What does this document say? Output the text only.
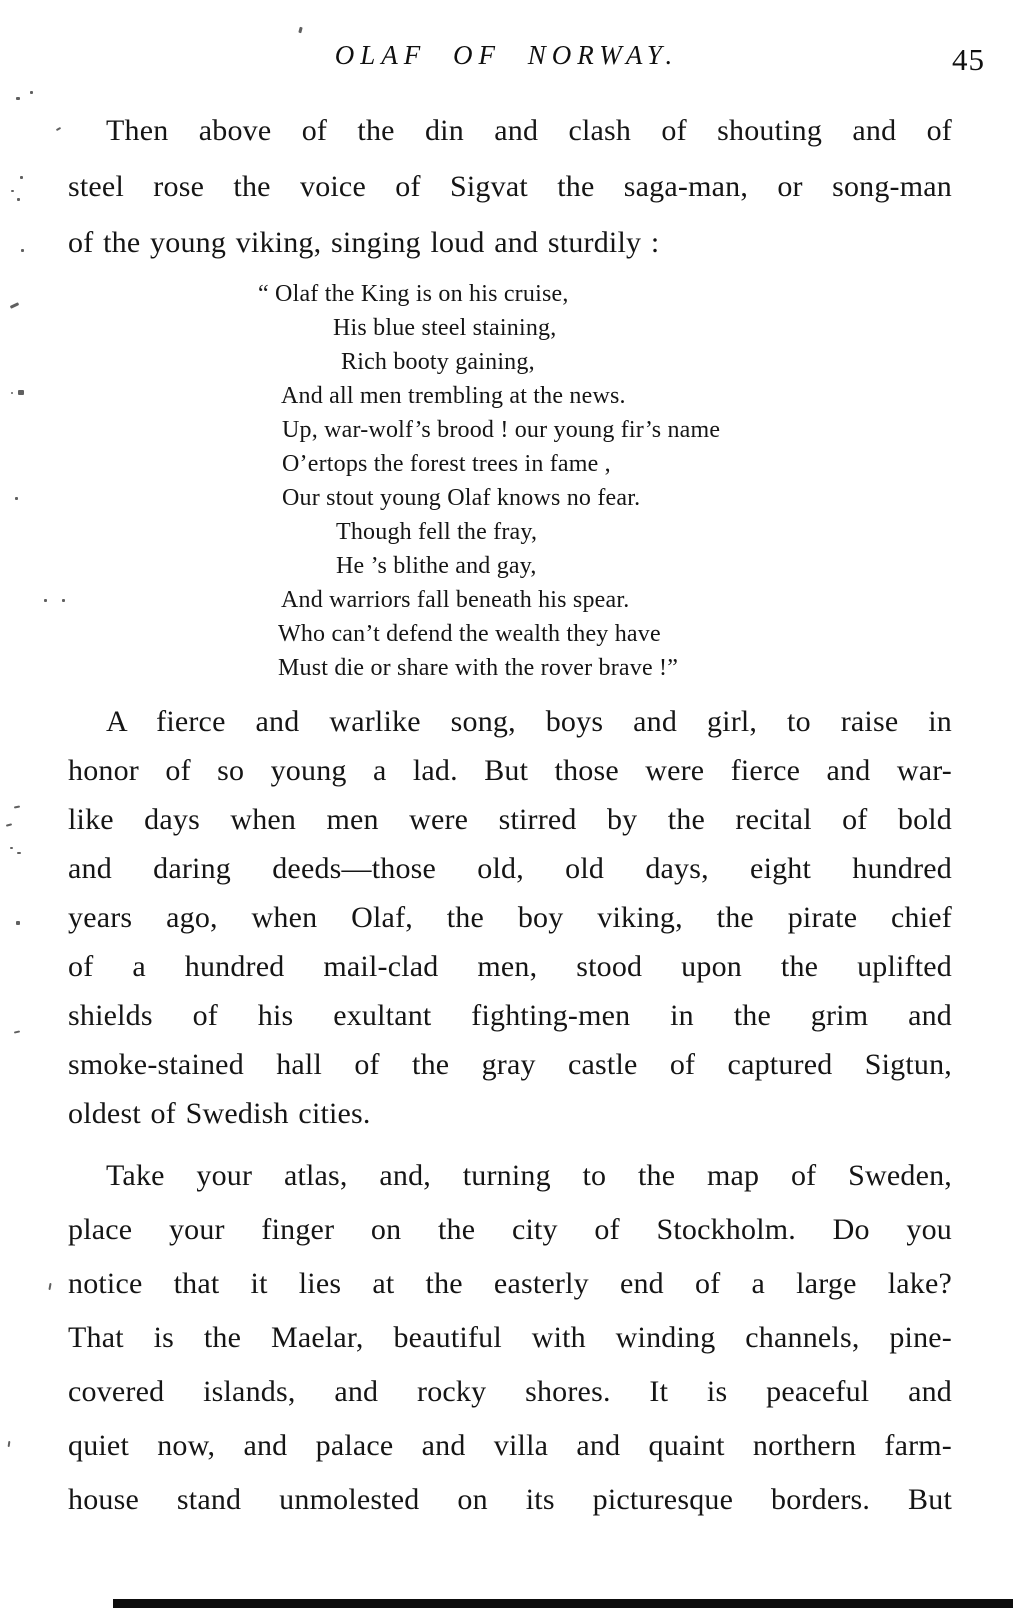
OLAF OF NORWAY.	45
Then above of the din and clash of shouting and of
steel rose the voice of Sigvat the saga-man, or song-man
of the young viking, singing loud and sturdily :
“ Olaf the King is on his cruise,
His blue steel staining,
Rich booty gaining,
And all men trembling at the news.
Up, war-wolf’s brood ! our young fir’s name
O’ertops the forest trees in fame ,
Our stout young Olaf knows no fear.
Though fell the fray,
He ’s blithe and gay,
And warriors fall beneath his spear.
Who can’t defend the wealth they have
Must die or share with the rover brave !”
A fierce and warlike song, boys and girl, to raise in
honor of so young a lad. But those were fierce and war-
like days when men were stirred by the recital of bold
and daring deeds—those old, old days, eight hundred
years ago, when Olaf, the boy viking, the pirate chief
of a hundred mail-clad men, stood upon the uplifted
shields of his exultant fighting-men in the grim and
smoke-stained hall of the gray castle of captured Sigtun,
oldest of Swedish cities.
Take your atlas, and, turning to the map of Sweden,
place your finger on the city of Stockholm. Do you
notice that it lies at the easterly end of a large lake?
That is the Maelar, beautiful with winding channels, pine-
covered islands, and rocky shores. It is peaceful and
quiet now, and palace and villa and quaint northern farm-
house stand unmolested on its picturesque borders. But
